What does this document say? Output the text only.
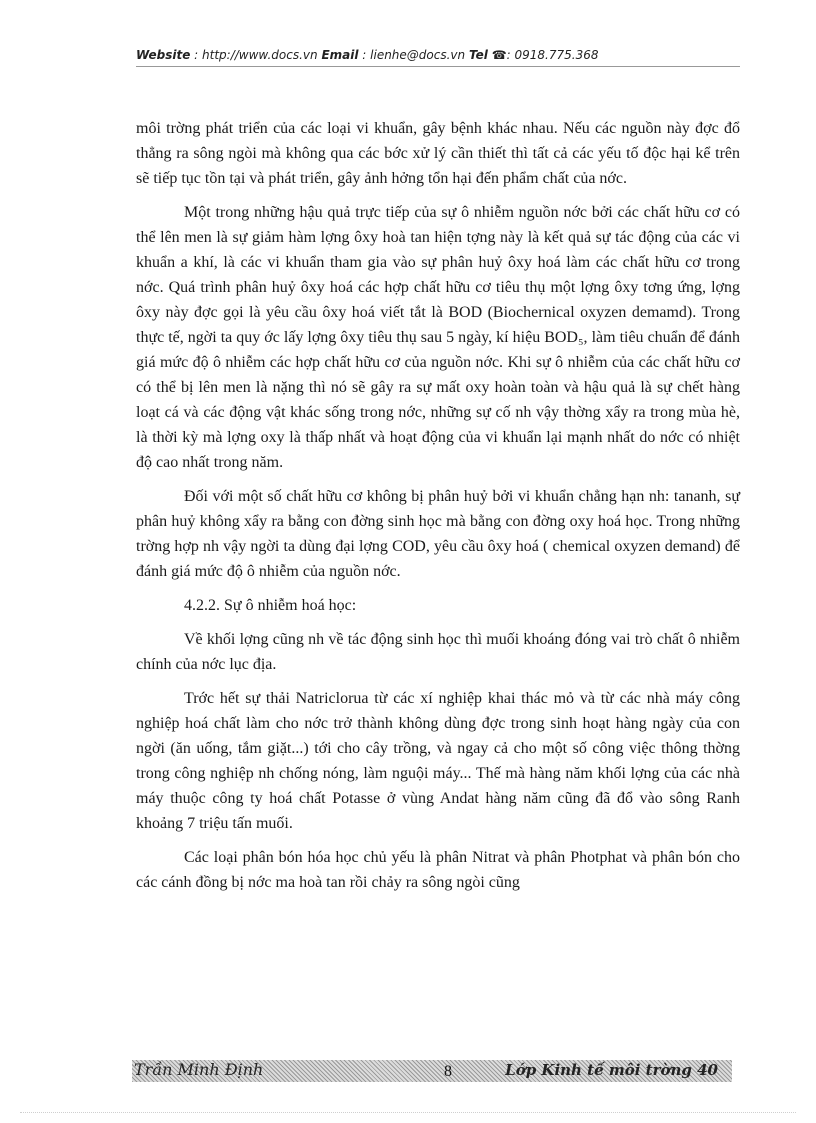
Website : http://www.docs.vn Email : lienhe@docs.vn Tel ☎: 0918.775.368

môi trờng phát triển của các loại vi khuẩn, gây bệnh khác nhau. Nếu các nguồn này đợc đổ thẳng ra sông ngòi mà không qua các bớc xử lý cần thiết thì tất cả các yếu tố độc hại kể trên sẽ tiếp tục tồn tại và phát triển, gây ảnh hởng tổn hại đến phẩm chất của nớc.

Một trong những hậu quả trực tiếp của sự ô nhiễm nguồn nớc bởi các chất hữu cơ có thể lên men là sự giảm hàm lợng ôxy hoà tan hiện tợng này là kết quả sự tác động của các vi khuẩn a khí, là các vi khuẩn tham gia vào sự phân huỷ ôxy hoá làm các chất hữu cơ trong nớc. Quá trình phân huỷ ôxy hoá các hợp chất hữu cơ tiêu thụ một lợng ôxy tơng ứng, lợng ôxy này đợc gọi là yêu cầu ôxy hoá viết tắt là BOD (Biochernical oxyzen demamd). Trong thực tế, ngời ta quy ớc lấy lợng ôxy tiêu thụ sau 5 ngày, kí hiệu BOD₅, làm tiêu chuẩn để đánh giá mức độ ô nhiễm các hợp chất hữu cơ của nguồn nớc. Khi sự ô nhiễm của các chất hữu cơ có thể bị lên men là nặng thì nó sẽ gây ra sự mất oxy hoàn toàn và hậu quả là sự chết hàng loạt cá và các động vật khác sống trong nớc, những sự cố nh vậy thờng xẩy ra trong mùa hè, là thời kỳ mà lợng oxy là thấp nhất và hoạt động của vi khuẩn lại mạnh nhất do nớc có nhiệt độ cao nhất trong năm.

Đối với một số chất hữu cơ không bị phân huỷ bởi vi khuẩn chẳng hạn nh: tananh, sự phân huỷ không xẩy ra bằng con đờng sinh học mà bằng con đờng oxy hoá học. Trong những trờng hợp nh vậy ngời ta dùng đại lợng COD, yêu cầu ôxy hoá ( chemical oxyzen demand) để đánh giá mức độ ô nhiễm của nguồn nớc.

4.2.2. Sự ô nhiễm hoá học:

Về khối lợng cũng nh về tác động sinh học thì muối khoáng đóng vai trò chất ô nhiễm chính của nớc lục địa.

Trớc hết sự thải Natriclorua từ các xí nghiệp khai thác mỏ và từ các nhà máy công nghiệp hoá chất làm cho nớc trở thành không dùng đợc trong sinh hoạt hàng ngày của con ngời (ăn uống, tắm giặt...) tới cho cây trồng, và ngay cả cho một số công việc thông thờng trong công nghiệp nh chống nóng, làm nguội máy... Thế mà hàng năm khối lợng của các nhà máy thuộc công ty hoá chất Potasse ở vùng Andat hàng năm cũng đã đổ vào sông Ranh khoảng 7 triệu tấn muối.

Các loại phân bón hóa học chủ yếu là phân Nitrat và phân Photphat và phân bón cho các cánh đồng bị nớc ma hoà tan rồi chảy ra sông ngòi cũng

Trần Minh Định	8	Lớp Kinh tế môi trờng 40
